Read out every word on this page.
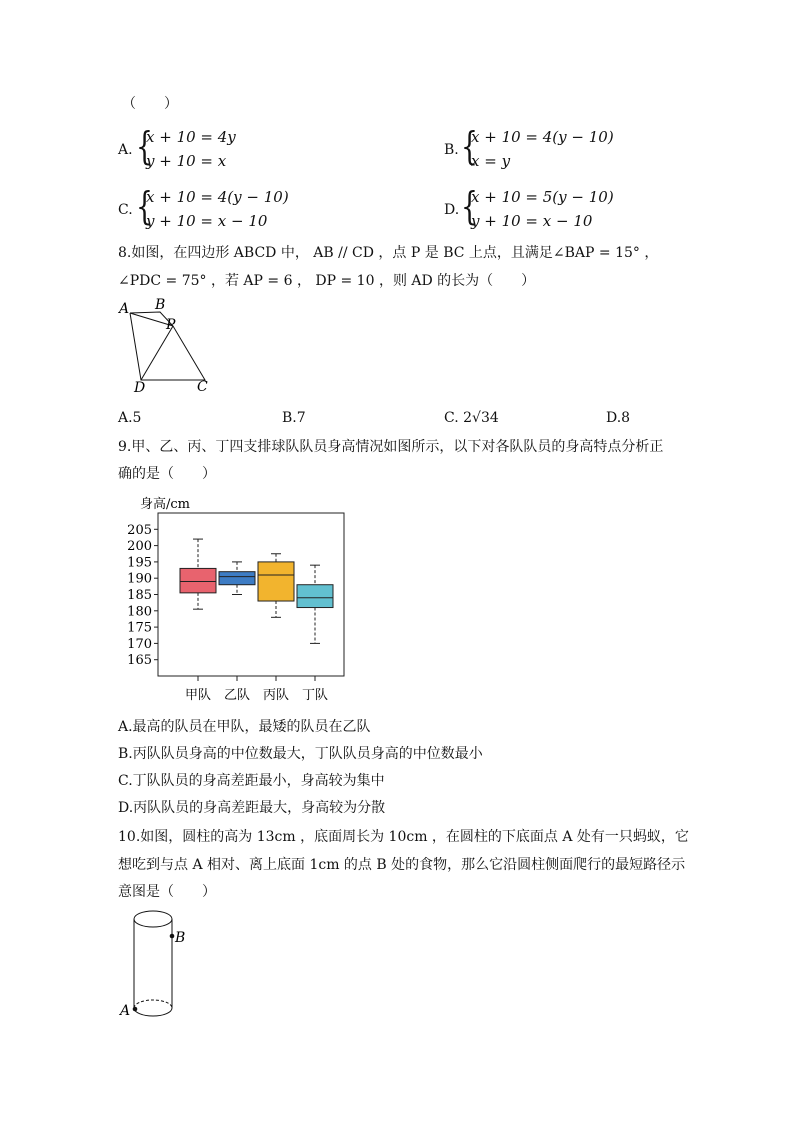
（　　）
A. {
x + 10 = 4y
y + 10 = x
B. {
x + 10 = 4(y − 10)
x = y
C. {
x + 10 = 4(y − 10)
y + 10 = x − 10
D. {
x + 10 = 5(y − 10)
y + 10 = x − 10
8.如图，在四边形 ABCD 中， AB // CD ，点 P 是 BC 上点，且满足∠BAP = 15° ，
∠PDC = 75° ，若 AP = 6 ， DP = 10 ，则 AD 的长为（　　）
A B
P
D	C
A.5	B.7	C. 2√34	D.8
9.甲、乙、丙、丁四支排球队队员身高情况如图所示，以下对各队队员的身高特点分析正
确的是（　　）
身高/cm
165
170
175
180
185
190
195
200
205
甲队 乙队 丙队 丁队
A.最高的队员在甲队，最矮的队员在乙队
B.丙队队员身高的中位数最大，丁队队员身高的中位数最小
C.丁队队员的身高差距最小，身高较为集中
D.丙队队员的身高差距最大，身高较为分散
10.如图，圆柱的高为 13cm ，底面周长为 10cm ，在圆柱的下底面点 A 处有一只蚂蚁，它
想吃到与点 A 相对、离上底面 1cm 的点 B 处的食物，那么它沿圆柱侧面爬行的最短路径示
意图是（　　）
B
A
